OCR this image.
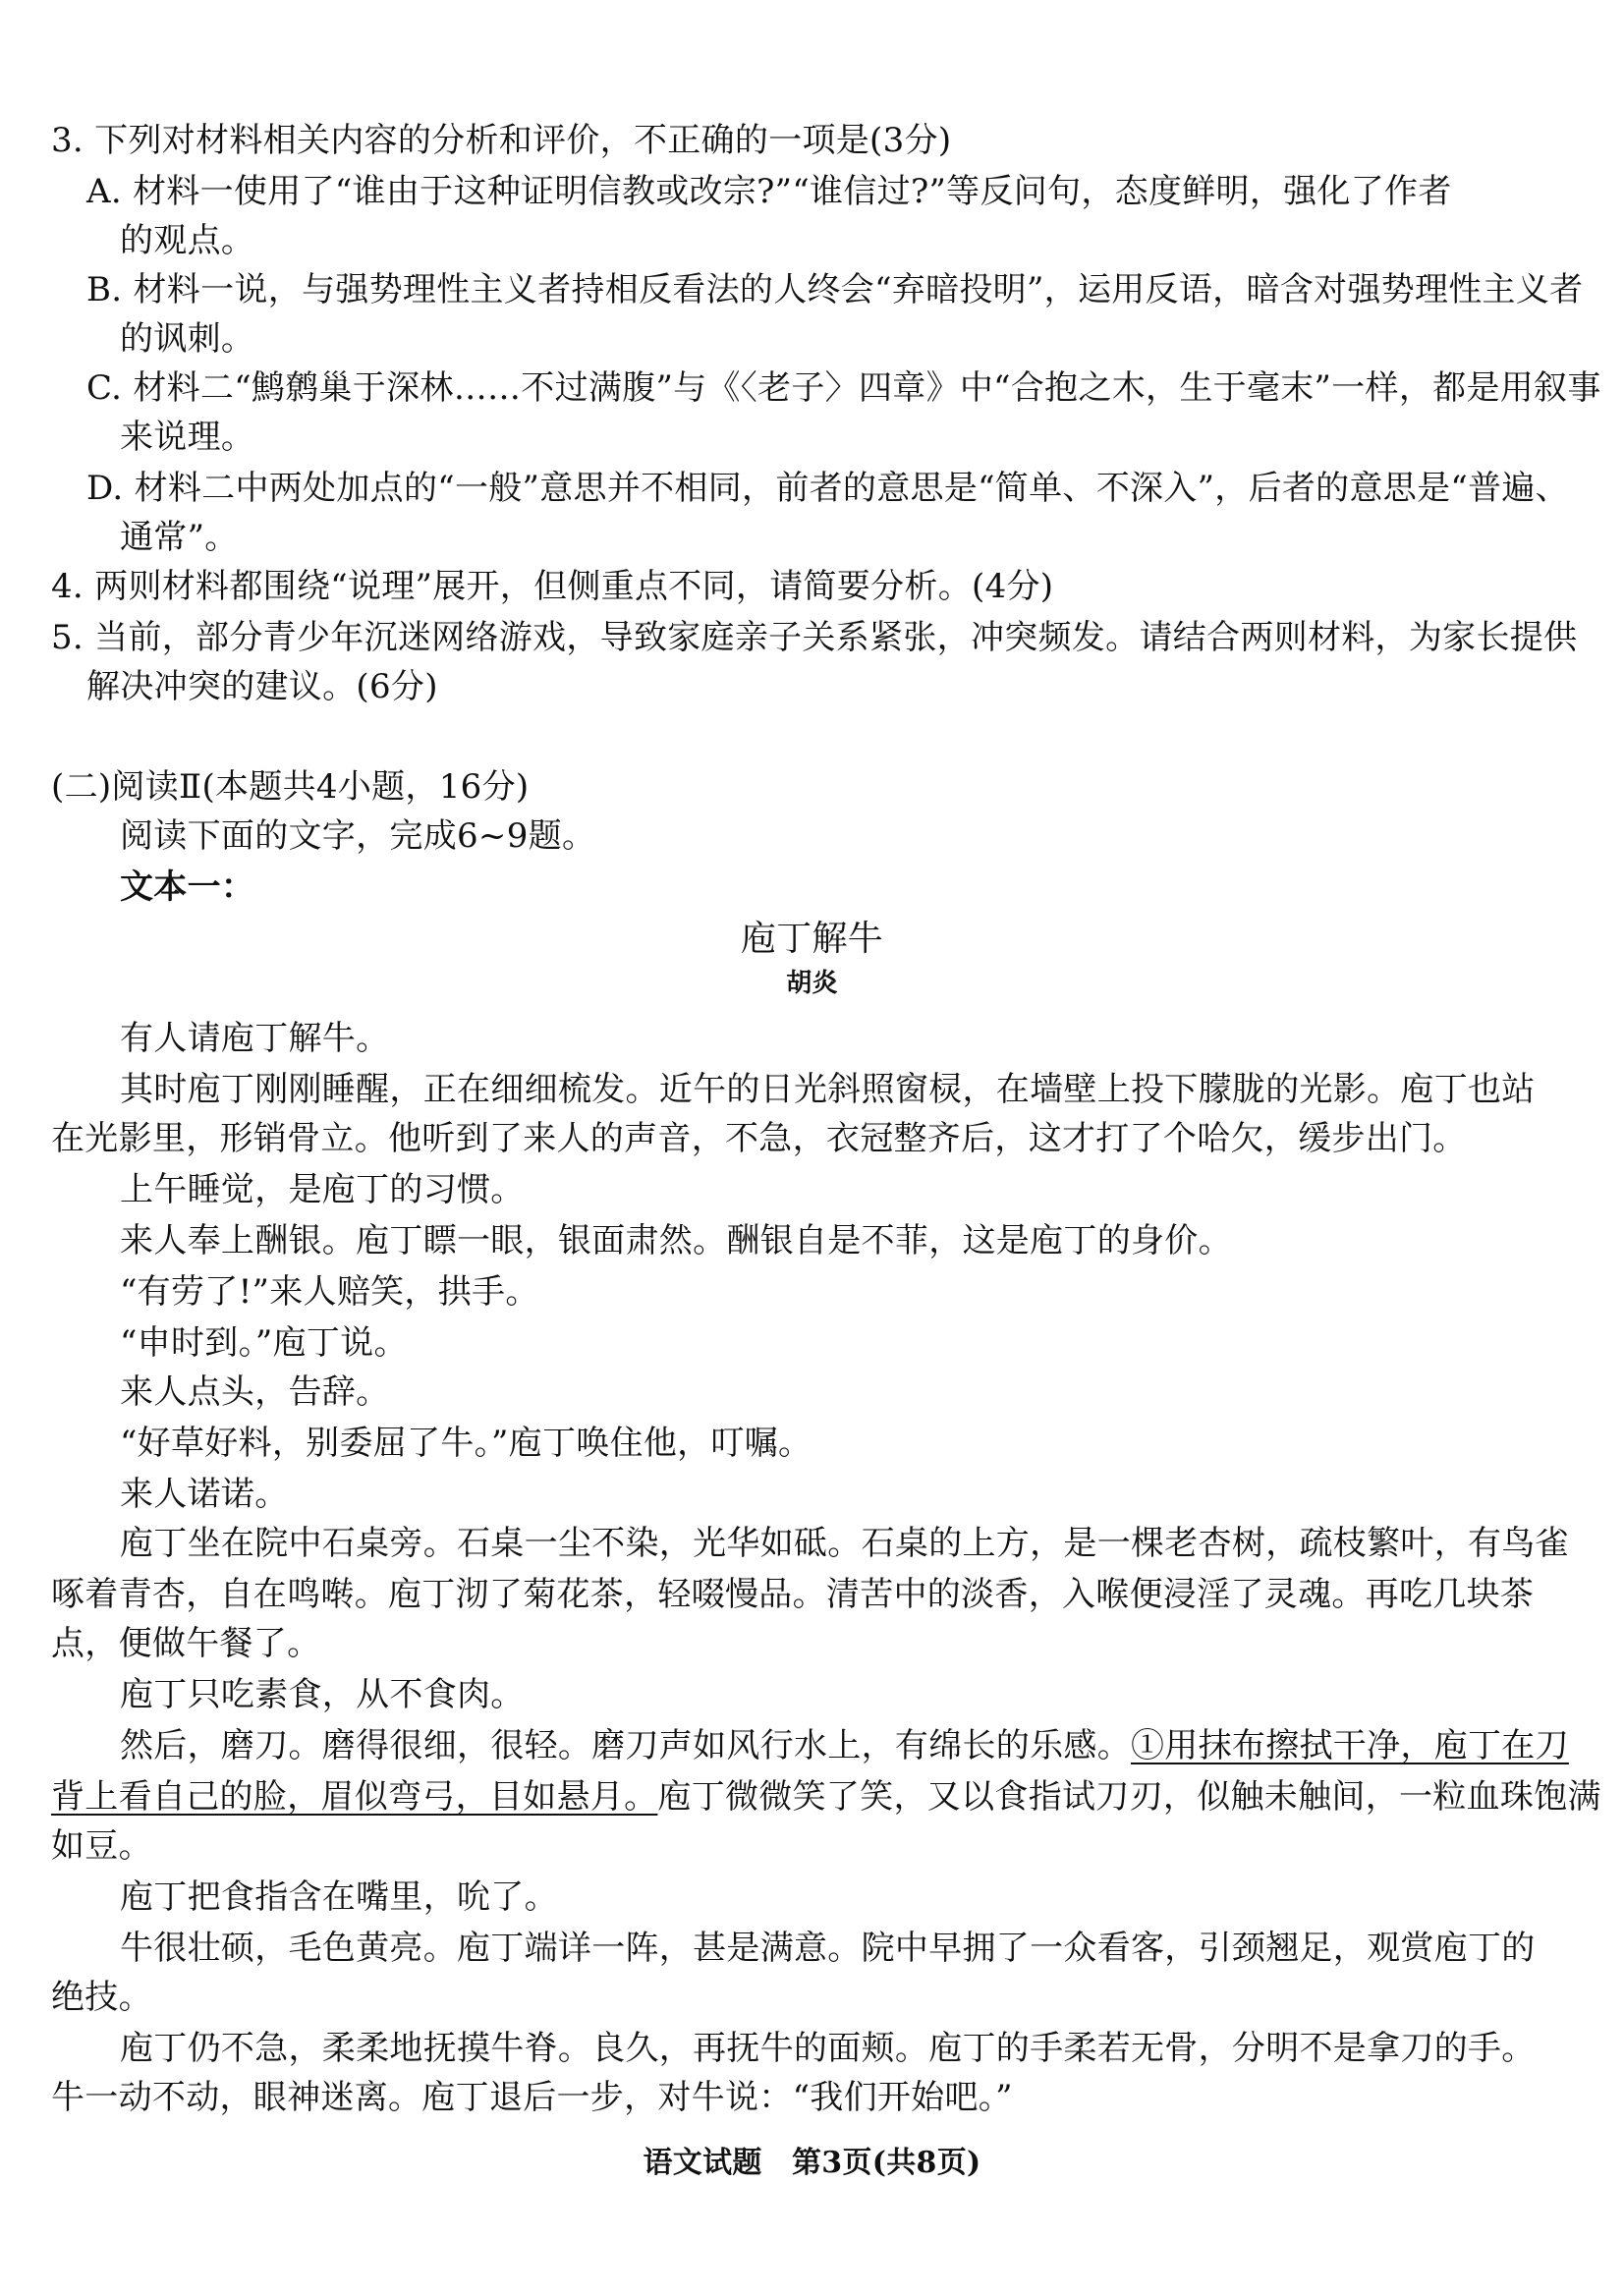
3. 下列对材料相关内容的分析和评价，不正确的一项是(3分)

A. 材料一使用了“谁由于这种证明信教或改宗?”“谁信过?”等反问句，态度鲜明，强化了作者

的观点。

B. 材料一说，与强势理性主义者持相反看法的人终会“弃暗投明”，运用反语，暗含对强势理性主义者

的讽刺。

C. 材料二“鹪鹩巢于深林……不过满腹”与《〈老子〉四章》中“合抱之木，生于毫末”一样，都是用叙事

来说理。

D. 材料二中两处加点的“一般”意思并不相同，前者的意思是“简单、不深入”，后者的意思是“普遍、

通常”。

4. 两则材料都围绕“说理”展开，但侧重点不同，请简要分析。(4分)

5. 当前，部分青少年沉迷网络游戏，导致家庭亲子关系紧张，冲突频发。请结合两则材料，为家长提供

解决冲突的建议。(6分)

(二)阅读Ⅱ(本题共4小题，16分)

阅读下面的文字，完成6~9题。

文本一：

庖丁解牛

胡炎

有人请庖丁解牛。

其时庖丁刚刚睡醒，正在细细梳发。近午的日光斜照窗棂，在墙壁上投下朦胧的光影。庖丁也站

在光影里，形销骨立。他听到了来人的声音，不急，衣冠整齐后，这才打了个哈欠，缓步出门。

上午睡觉，是庖丁的习惯。

来人奉上酬银。庖丁瞟一眼，银面肃然。酬银自是不菲，这是庖丁的身价。

“有劳了!”来人赔笑，拱手。

“申时到。”庖丁说。

来人点头，告辞。

“好草好料，别委屈了牛。”庖丁唤住他，叮嘱。

来人诺诺。

庖丁坐在院中石桌旁。石桌一尘不染，光华如砥。石桌的上方，是一棵老杏树，疏枝繁叶，有鸟雀

啄着青杏，自在鸣啭。庖丁沏了菊花茶，轻啜慢品。清苦中的淡香，入喉便浸淫了灵魂。再吃几块茶

点，便做午餐了。

庖丁只吃素食，从不食肉。

然后，磨刀。磨得很细，很轻。磨刀声如风行水上，有绵长的乐感。①用抹布擦拭干净，庖丁在刀

背上看自己的脸，眉似弯弓，目如悬月。庖丁微微笑了笑，又以食指试刀刃，似触未触间，一粒血珠饱满

如豆。

庖丁把食指含在嘴里，吮了。

牛很壮硕，毛色黄亮。庖丁端详一阵，甚是满意。院中早拥了一众看客，引颈翘足，观赏庖丁的

绝技。

庖丁仍不急，柔柔地抚摸牛脊。良久，再抚牛的面颊。庖丁的手柔若无骨，分明不是拿刀的手。

牛一动不动，眼神迷离。庖丁退后一步，对牛说：“我们开始吧。”

语文试题　第3页(共8页)
